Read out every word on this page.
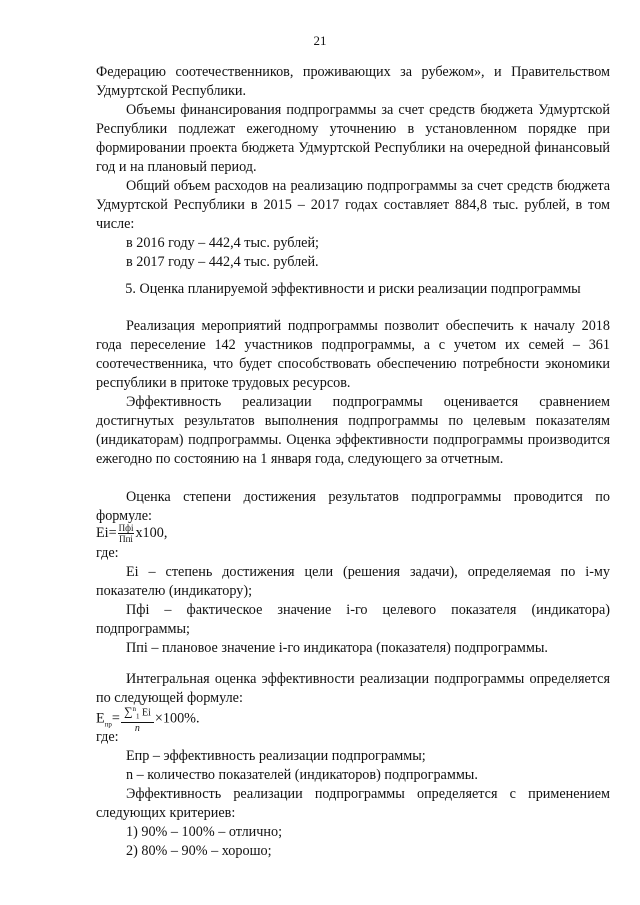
21

Федерацию соотечественников, проживающих за рубежом», и Правительством Удмуртской Республики.

Объемы финансирования подпрограммы за счет средств бюджета Удмуртской Республики подлежат ежегодному уточнению в установленном порядке при формировании проекта бюджета Удмуртской Республики на очередной финансовый год и на плановый период.

Общий объем расходов на реализацию подпрограммы за счет средств бюджета Удмуртской Республики в 2015 – 2017 годах составляет 884,8 тыс. рублей, в том числе:

в 2016 году – 442,4 тыс. рублей;

в 2017 году – 442,4 тыс. рублей.

5. Оценка планируемой эффективности и риски реализации подпрограммы

Реализация мероприятий подпрограммы позволит обеспечить к началу 2018 года переселение 142 участников подпрограммы, а с учетом их семей – 361 соотечественника, что будет способствовать обеспечению потребности экономики республики в притоке трудовых ресурсов.

Эффективность реализации подпрограммы оценивается сравнением достигнутых результатов выполнения подпрограммы по целевым показателям (индикаторам) подпрограммы. Оценка эффективности подпрограммы производится ежегодно по состоянию на 1 января года, следующего за отчетным.

Оценка степени достижения результатов подпрограммы проводится по формуле:

$Еi= \frac{\text{Пфi}}{\text{Ппi}} х100$,

где:

Еi – степень достижения цели (решения задачи), определяемая по i-му показателю (индикатору);

Пфi – фактическое значение i-го целевого показателя (индикатора) подпрограммы;

Ппi – плановое значение i-го индикатора (показателя) подпрограммы.

Интегральная оценка эффективности реализации подпрограммы определяется по следующей формуле:

$Е_{пр}= \frac{\sum^n_1 Ei}{n} \times 100\%$.

где:

Епр – эффективность реализации подпрограммы;

n – количество показателей (индикаторов) подпрограммы.

Эффективность реализации подпрограммы определяется с применением следующих критериев:

1) 90% – 100% – отлично;

2) 80% – 90% – хорошо;
